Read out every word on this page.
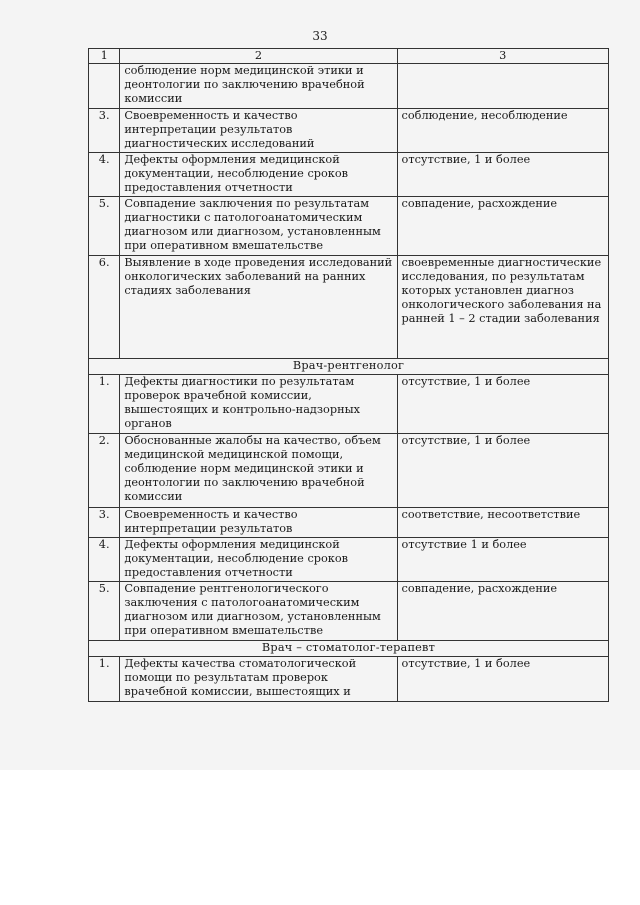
33
1	2	3
	соблюдение норм медицинской этики и деонтологии по заключению врачебной комиссии	
3.	Своевременность и качество интерпретации результатов диагностических исследований	соблюдение, несоблюдение
4.	Дефекты оформления медицинской документации, несоблюдение сроков предоставления отчетности	отсутствие, 1 и более
5.	Совпадение заключения по результатам диагностики с патологоанатомическим диагнозом или диагнозом, установленным при оперативном вмешательстве	совпадение, расхождение
6.	Выявление в ходе проведения исследований онкологических заболеваний на ранних стадиях заболевания	своевременные диагностические исследования, по результатам которых установлен диагноз онкологического заболевания на ранней 1 – 2 стадии заболевания
Врач-рентгенолог		
1.	Дефекты диагностики по результатам проверок врачебной комиссии, вышестоящих и контрольно-надзорных органов	отсутствие, 1 и более
2.	Обоснованные жалобы на качество, объем медицинской медицинской помощи, соблюдение норм медицинской этики и деонтологии по заключению врачебной комиссии	отсутствие, 1 и более
3.	Своевременность и качество интерпретации результатов	соответствие, несоответствие
4.	Дефекты оформления медицинской документации, несоблюдение сроков предоставления отчетности	отсутствие 1 и более
5.	Совпадение рентгенологического заключения с патологоанатомическим диагнозом или диагнозом, установленным при оперативном вмешательстве	совпадение, расхождение
Врач – стоматолог-терапевт		
1.	Дефекты качества стоматологической помощи по результатам проверок врачебной комиссии, вышестоящих и	отсутствие, 1 и более
